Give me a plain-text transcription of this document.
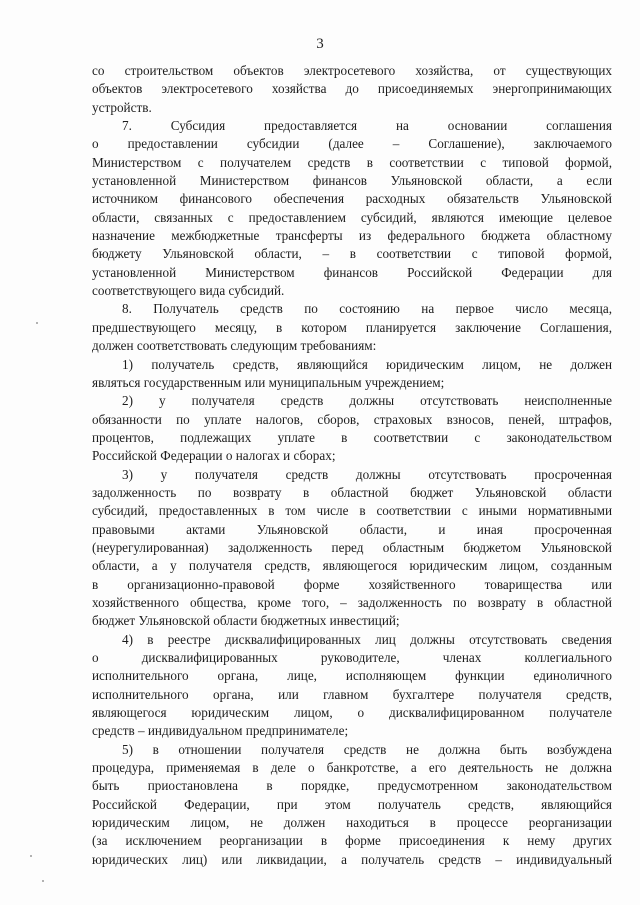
3
со строительством объектов электросетевого хозяйства, от существующих
объектов электросетевого хозяйства до присоединяемых энергопринимающих
устройств.
7. Субсидия предоставляется на основании соглашения
о предоставлении субсидии (далее – Соглашение), заключаемого
Министерством с получателем средств в соответствии с типовой формой,
установленной Министерством финансов Ульяновской области, а если
источником финансового обеспечения расходных обязательств Ульяновской
области, связанных с предоставлением субсидий, являются имеющие целевое
назначение межбюджетные трансферты из федерального бюджета областному
бюджету Ульяновской области, – в соответствии с типовой формой,
установленной Министерством финансов Российской Федерации для
соответствующего вида субсидий.
8. Получатель средств по состоянию на первое число месяца,
предшествующего месяцу, в котором планируется заключение Соглашения,
должен соответствовать следующим требованиям:
1) получатель средств, являющийся юридическим лицом, не должен
являться государственным или муниципальным учреждением;
2) у получателя средств должны отсутствовать неисполненные
обязанности по уплате налогов, сборов, страховых взносов, пеней, штрафов,
процентов, подлежащих уплате в соответствии с законодательством
Российской Федерации о налогах и сборах;
3) у получателя средств должны отсутствовать просроченная
задолженность по возврату в областной бюджет Ульяновской области
субсидий, предоставленных в том числе в соответствии с иными нормативными
правовыми актами Ульяновской области, и иная просроченная
(неурегулированная) задолженность перед областным бюджетом Ульяновской
области, а у получателя средств, являющегося юридическим лицом, созданным
в организационно-правовой форме хозяйственного товарищества или
хозяйственного общества, кроме того, – задолженность по возврату в областной
бюджет Ульяновской области бюджетных инвестиций;
4) в реестре дисквалифицированных лиц должны отсутствовать сведения
о дисквалифицированных руководителе, членах коллегиального
исполнительного органа, лице, исполняющем функции единоличного
исполнительного органа, или главном бухгалтере получателя средств,
являющегося юридическим лицом, о дисквалифицированном получателе
средств – индивидуальном предпринимателе;
5) в отношении получателя средств не должна быть возбуждена
процедура, применяемая в деле о банкротстве, а его деятельность не должна
быть приостановлена в порядке, предусмотренном законодательством
Российской Федерации, при этом получатель средств, являющийся
юридическим лицом, не должен находиться в процессе реорганизации
(за исключением реорганизации в форме присоединения к нему других
юридических лиц) или ликвидации, а получатель средств – индивидуальный
